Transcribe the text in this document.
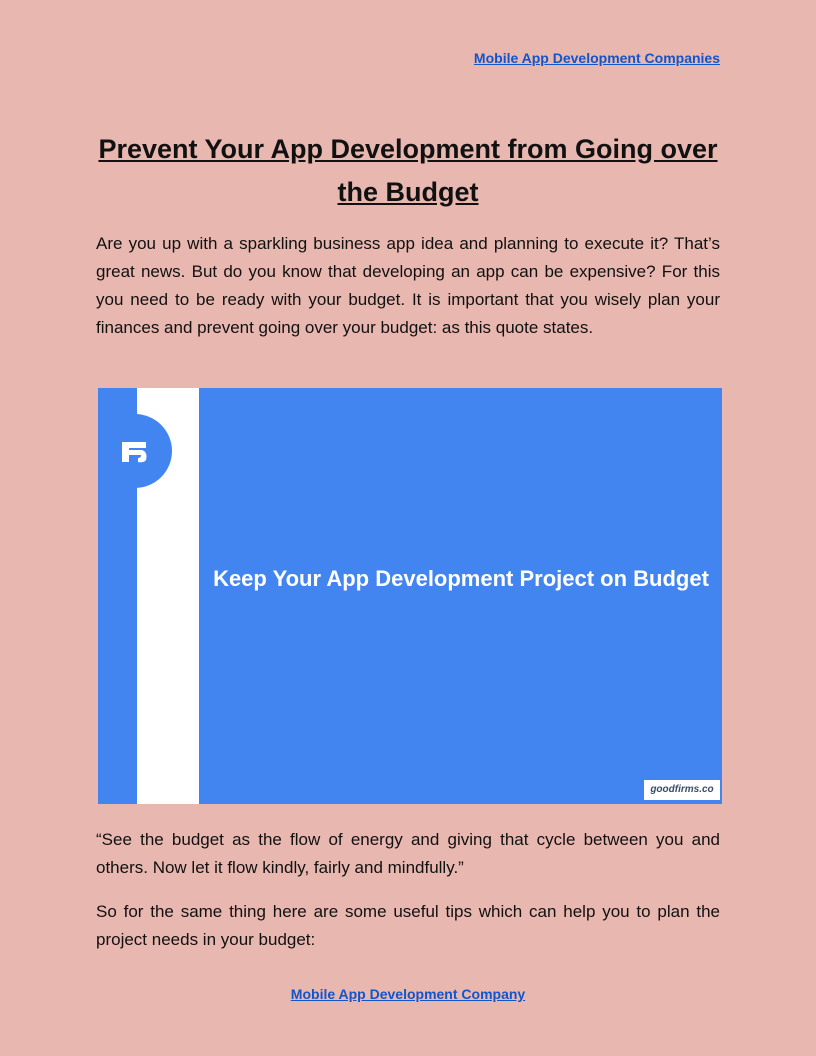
Mobile App Development Companies
Prevent Your App Development from Going over the Budget

Are you up with a sparkling business app idea and planning to execute it? That’s great news. But do you know that developing an app can be expensive? For this you need to be ready with your budget. It is important that you wisely plan your finances and prevent going over your budget: as this quote states.

Keep Your App Development Project on Budget
goodfirms.co

“See the budget as the flow of energy and giving that cycle between you and others. Now let it flow kindly, fairly and mindfully.”

So for the same thing here are some useful tips which can help you to plan the project needs in your budget:

Mobile App Development Company
